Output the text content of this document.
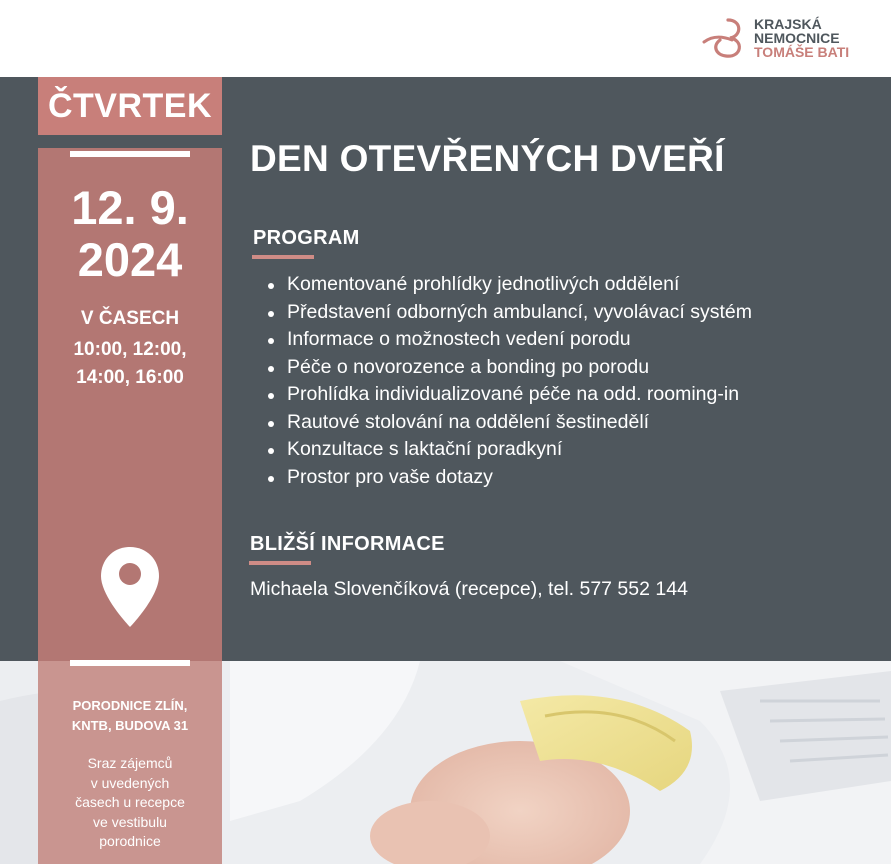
ČTVRTEK
12. 9.
2024
V ČASECH
10:00, 12:00,
14:00, 16:00
PORODNICE ZLÍN,
KNTB, BUDOVA 31
Sraz zájemců
v uvedených
časech u recepce
ve vestibulu
porodnice
KRAJSKÁ
NEMOCNICE
TOMÁŠE BATI
DEN OTEVŘENÝCH DVEŘÍ
PROGRAM
Komentované prohlídky jednotlivých oddělení
Představení odborných ambulancí, vyvolávací systém
Informace o možnostech vedení porodu
Péče o novorozence a bonding po porodu
Prohlídka individualizované péče na odd. rooming-in
Rautové stolování na oddělení šestinedělí
Konzultace s laktační poradkyní
Prostor pro vaše dotazy
BLIŽŠÍ INFORMACE
Michaela Slovenčíková (recepce), tel. 577 552 144
